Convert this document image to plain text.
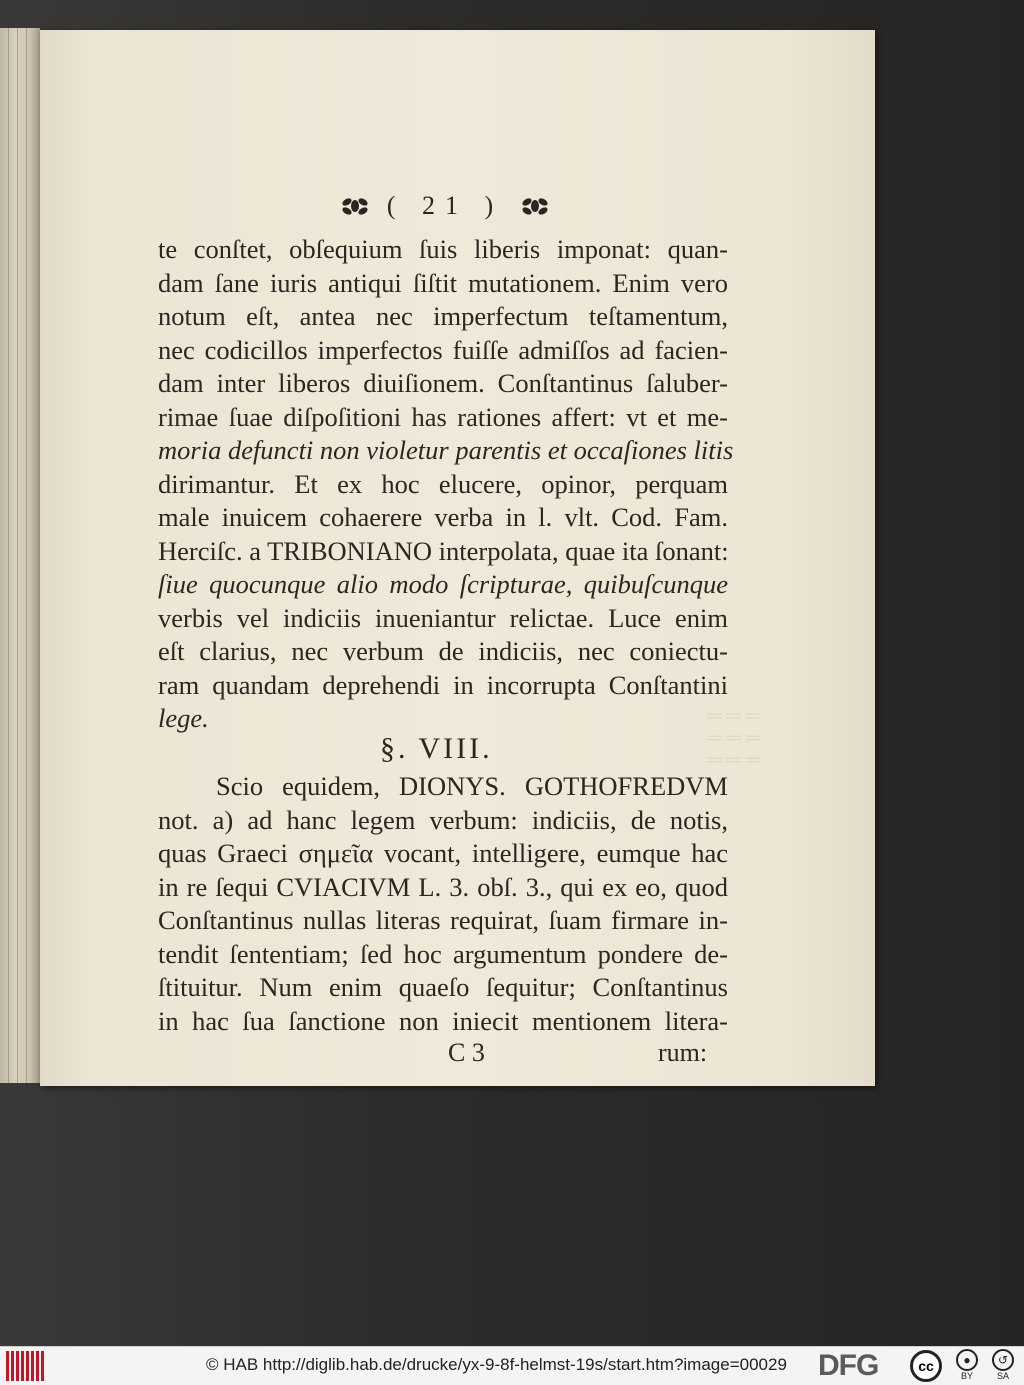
( 21 )
═ ═ ═
═ ═ ═
═ ═ ═
te conſtet, obſequium ſuis liberis imponat: quan-
dam ſane iuris antiqui ſiſtit mutationem. Enim vero
notum eſt, antea nec imperfectum teſtamentum,
nec codicillos imperfectos fuiſſe admiſſos ad facien-
dam inter liberos diuiſionem. Conſtantinus ſaluber-
rimae ſuae diſpoſitioni has rationes affert: vt et me-
moria defuncti non violetur parentis et occaſiones litis
dirimantur. Et ex hoc elucere, opinor, perquam
male inuicem cohaerere verba in l. vlt. Cod. Fam.
Herciſc. a TRIBONIANO interpolata, quae ita ſonant:
ſiue quocunque alio modo ſcripturae, quibuſcunque
verbis vel indiciis inueniantur relictae. Luce enim
eſt clarius, nec verbum de indiciis, nec coniectu-
ram quandam deprehendi in incorrupta Conſtantini
lege.
§. VIII.
Scio equidem, DIONYS. GOTHOFREDVM
not. a) ad hanc legem verbum: indiciis, de notis,
quas Graeci σημεῖα vocant, intelligere, eumque hac
in re ſequi CVIACIVM L. 3. obſ. 3., qui ex eo, quod
Conſtantinus nullas literas requirat, ſuam firmare in-
tendit ſententiam; ſed hoc argumentum pondere de-
ſtituitur. Num enim quaeſo ſequitur; Conſtantinus
in hac ſua ſanctione non iniecit mentionem litera-
C 3	rum:
© HAB http://diglib.hab.de/drucke/yx-9-8f-helmst-19s/start.htm?image=00029 DFG	cc	●
BY
↺
SA
